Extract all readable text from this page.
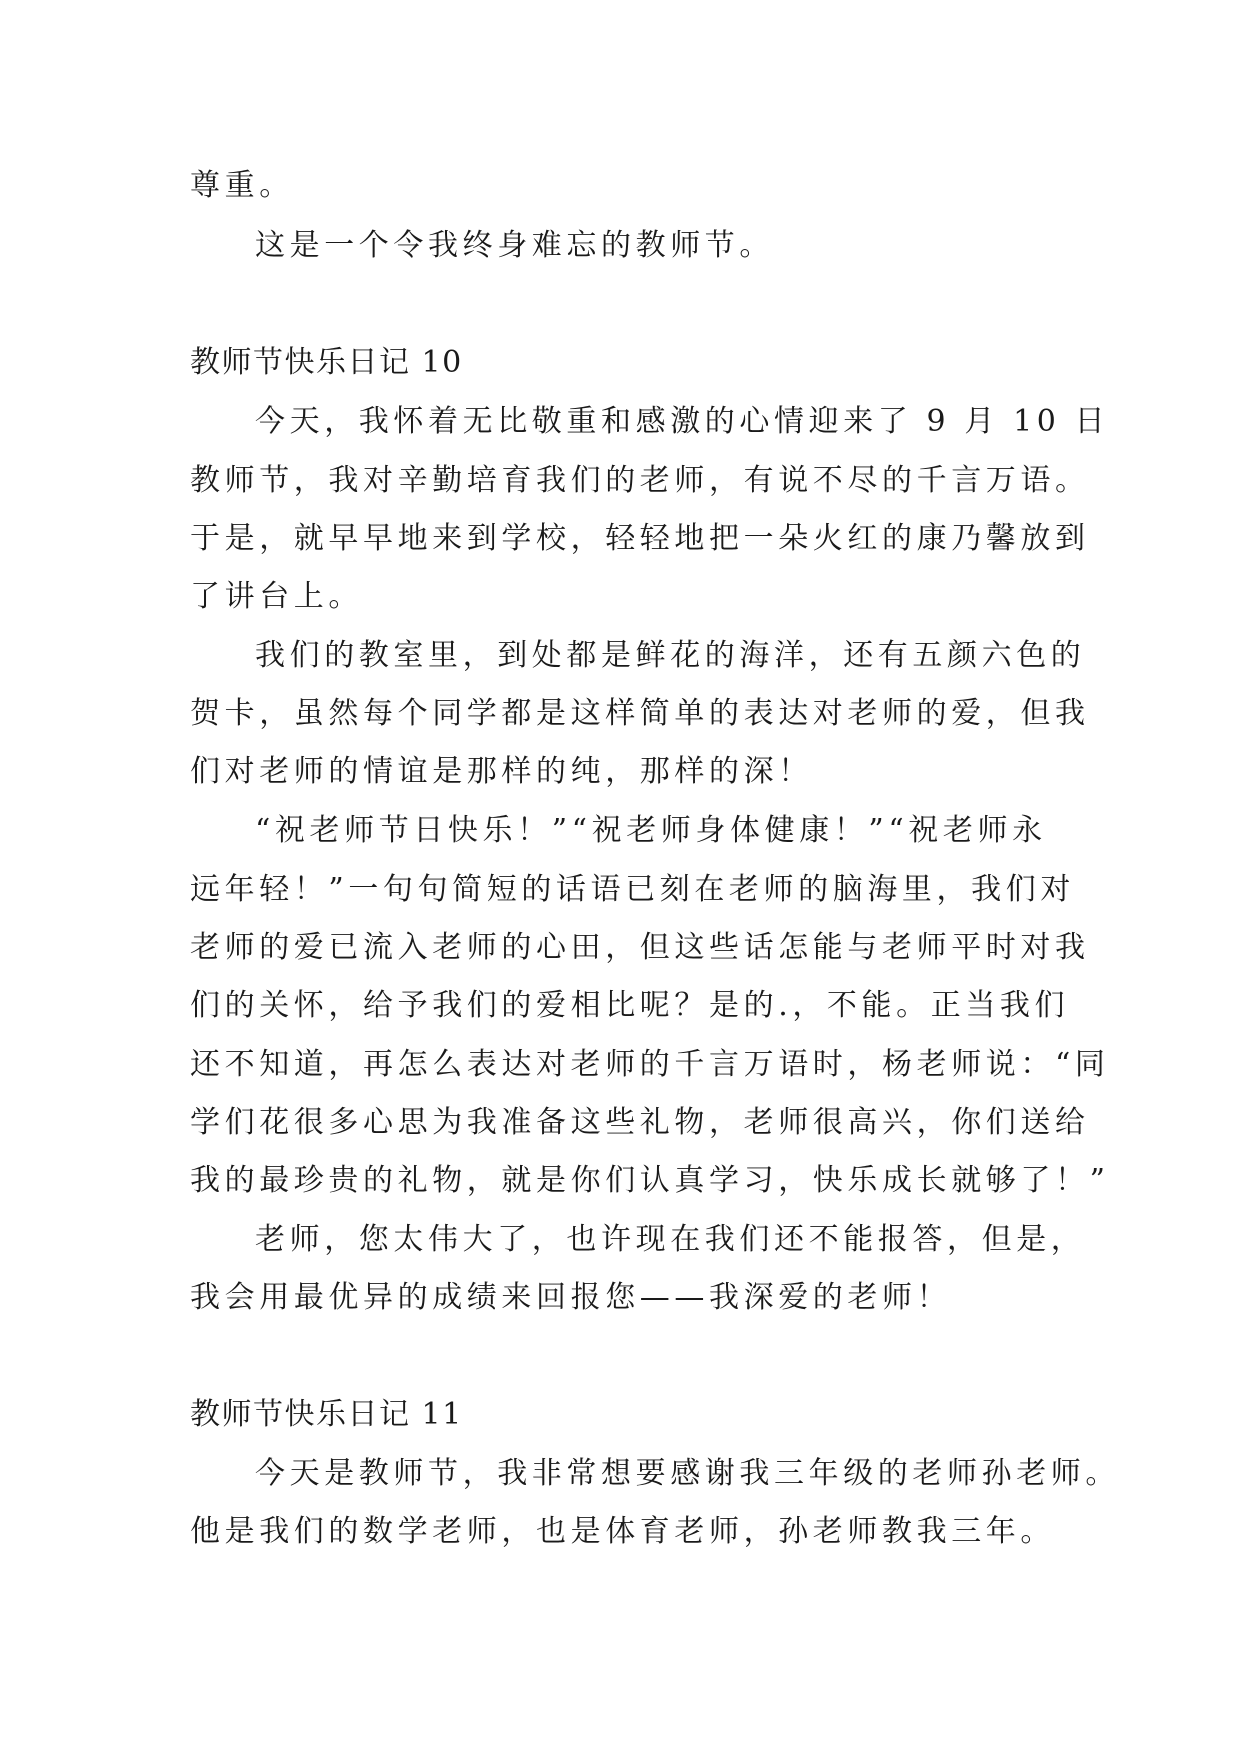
尊重。
这是一个令我终身难忘的教师节。
教师节快乐日记 10
今天，我怀着无比敬重和感激的心情迎来了 9 月 10 日
教师节，我对辛勤培育我们的老师，有说不尽的千言万语。
于是，就早早地来到学校，轻轻地把一朵火红的康乃馨放到
了讲台上。
我们的教室里，到处都是鲜花的海洋，还有五颜六色的
贺卡，虽然每个同学都是这样简单的表达对老师的爱，但我
们对老师的情谊是那样的纯，那样的深！
“祝老师节日快乐！”“祝老师身体健康！”“祝老师永
远年轻！”一句句简短的话语已刻在老师的脑海里，我们对
老师的爱已流入老师的心田，但这些话怎能与老师平时对我
们的关怀，给予我们的爱相比呢？是的.，不能。正当我们
还不知道，再怎么表达对老师的千言万语时，杨老师说：“同
学们花很多心思为我准备这些礼物，老师很高兴，你们送给
我的最珍贵的礼物，就是你们认真学习，快乐成长就够了！”
老师，您太伟大了，也许现在我们还不能报答，但是，
我会用最优异的成绩来回报您——我深爱的老师！
教师节快乐日记 11
今天是教师节，我非常想要感谢我三年级的老师孙老师。
他是我们的数学老师，也是体育老师，孙老师教我三年。
